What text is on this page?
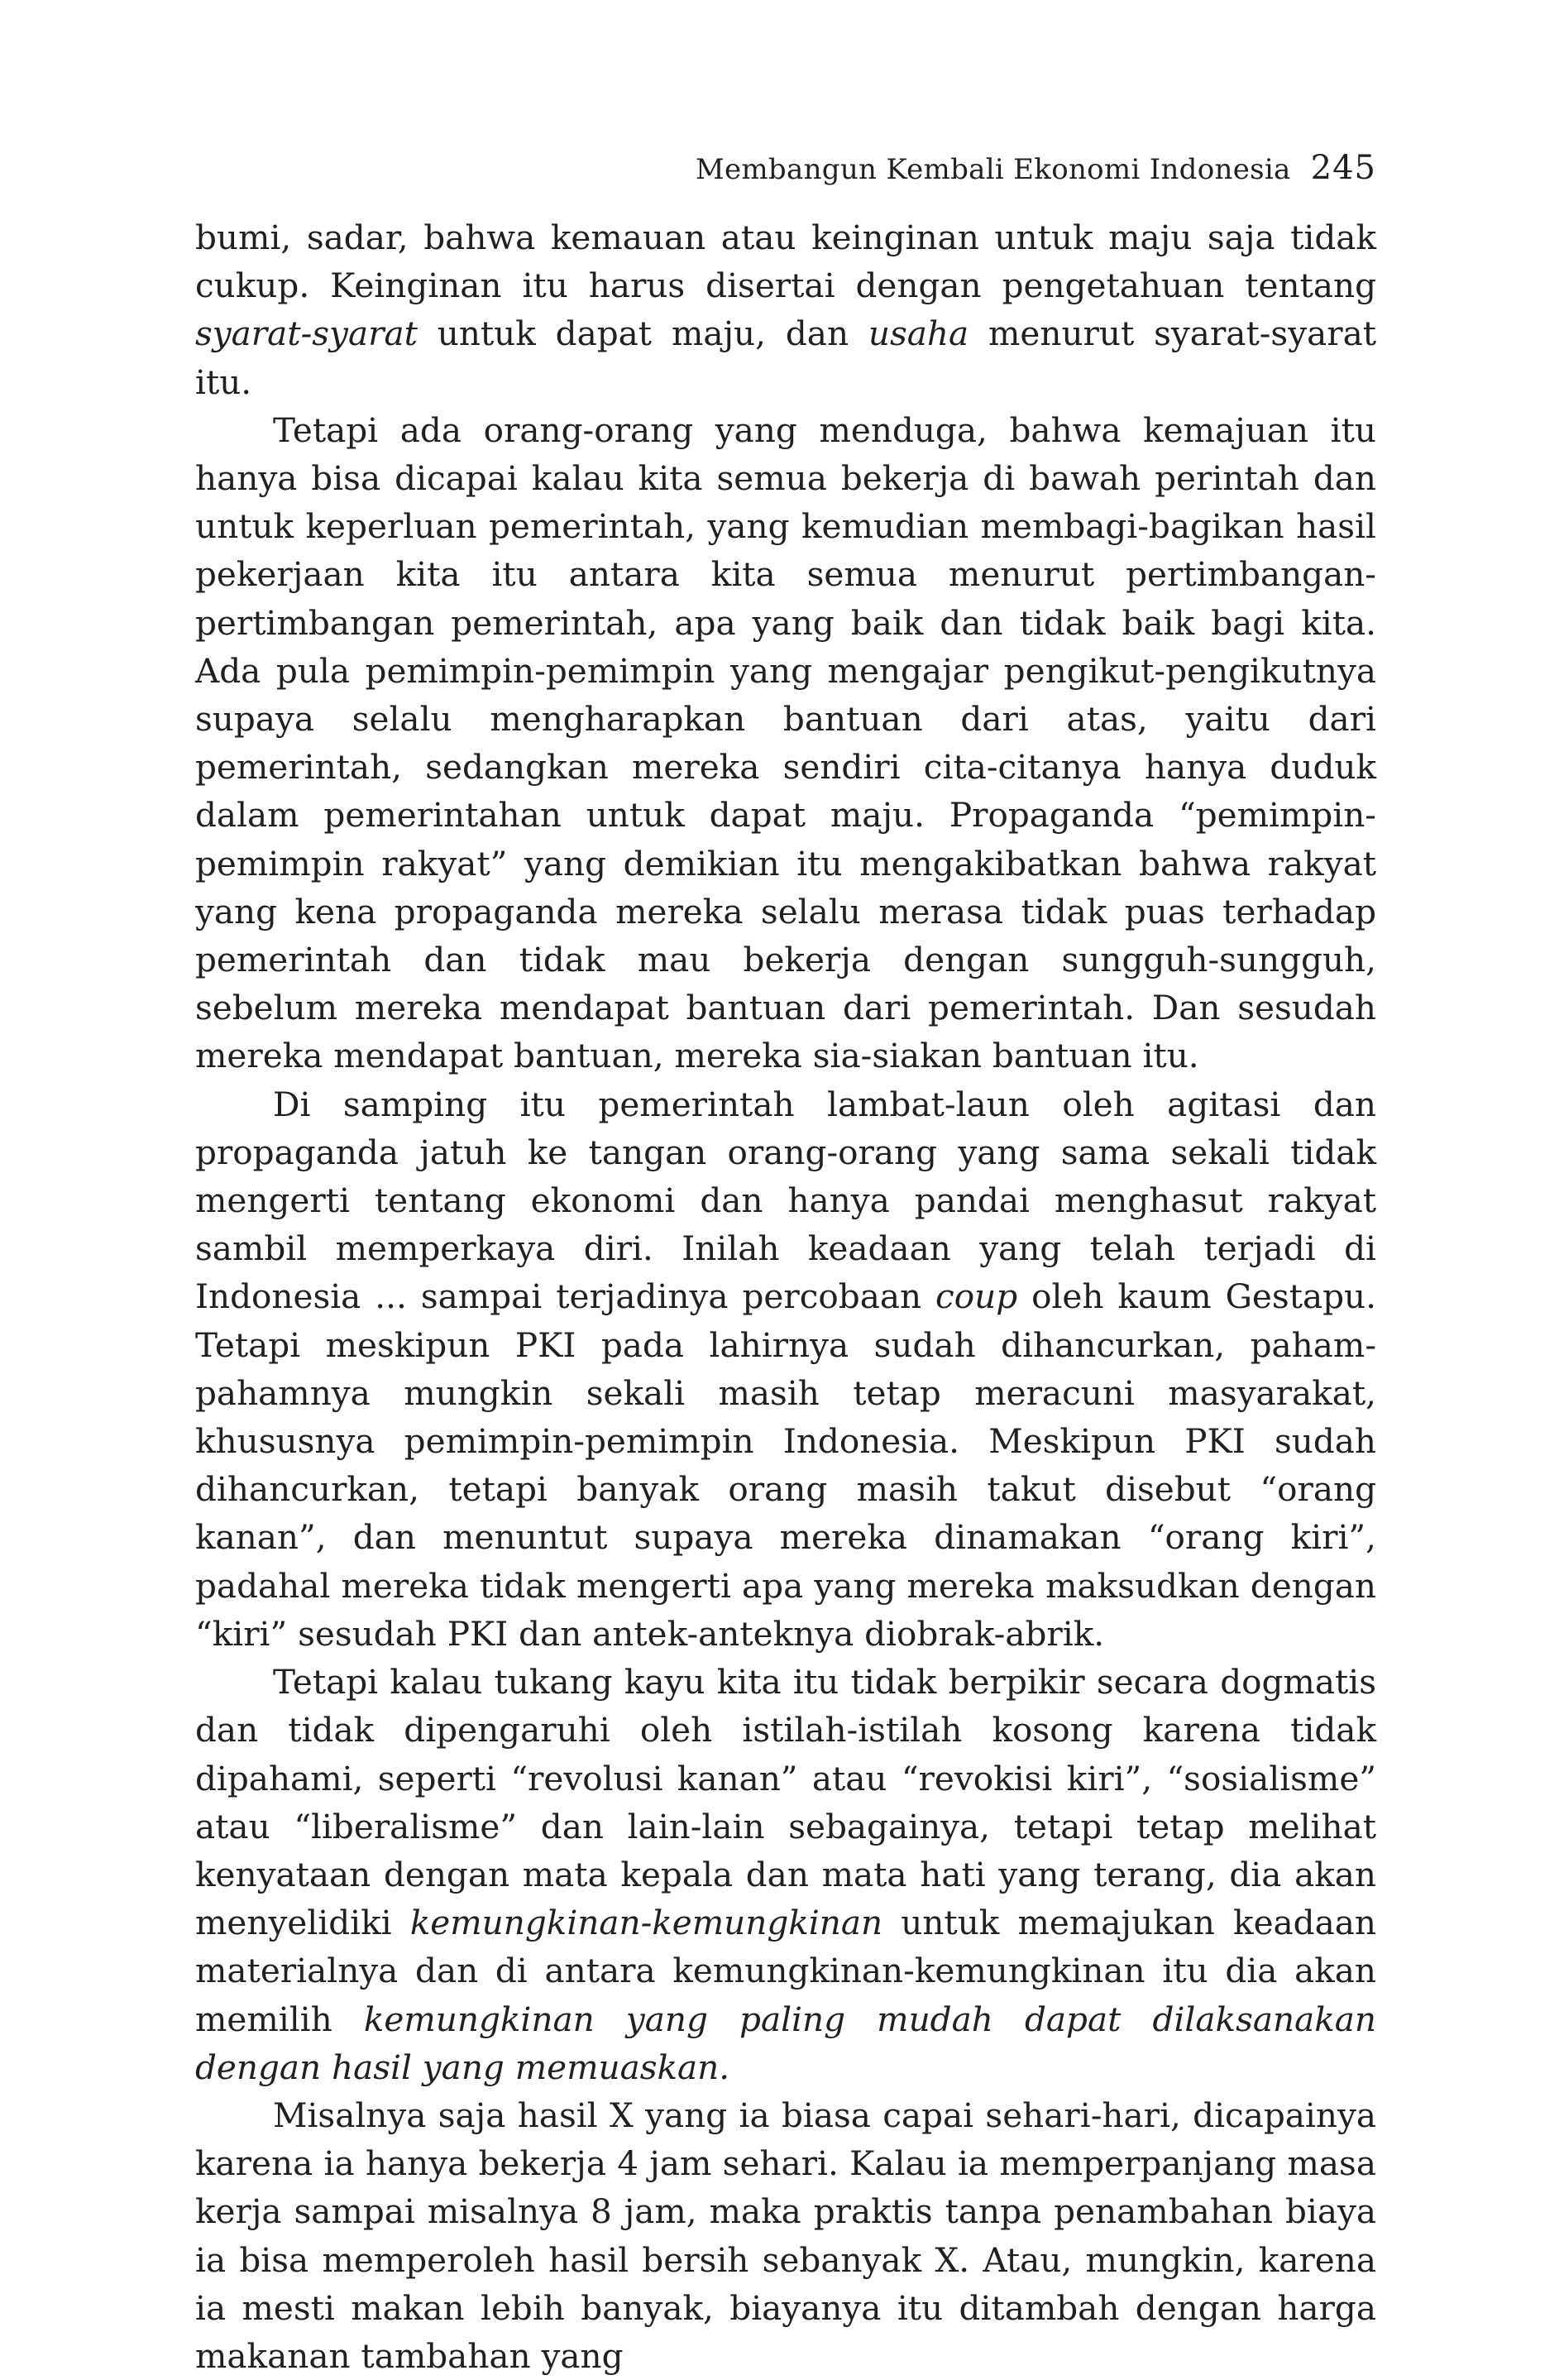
Membangun Kembali Ekonomi Indonesia 245

bumi, sadar, bahwa kemauan atau keinginan untuk maju saja tidak cukup. Keinginan itu harus disertai dengan pengetahuan tentang syarat-syarat untuk dapat maju, dan usaha menurut syarat-syarat itu.

Tetapi ada orang-orang yang menduga, bahwa kemajuan itu hanya bisa dicapai kalau kita semua bekerja di bawah perintah dan untuk keperluan pemerintah, yang kemudian membagi-bagikan hasil pekerjaan kita itu antara kita semua menurut pertimbangan-pertimbangan pemerintah, apa yang baik dan tidak baik bagi kita. Ada pula pemimpin-pemimpin yang mengajar pengikut-pengikutnya supaya selalu mengharapkan bantuan dari atas, yaitu dari pemerintah, sedangkan mereka sendiri cita-citanya hanya duduk dalam pemerintahan untuk dapat maju. Propaganda “pemimpin-pemimpin rakyat” yang demikian itu mengakibatkan bahwa rakyat yang kena propaganda mereka selalu merasa tidak puas terhadap pemerintah dan tidak mau bekerja dengan sungguh-sungguh, sebelum mereka mendapat bantuan dari pemerintah. Dan sesudah mereka mendapat bantuan, mereka sia-siakan bantuan itu.

Di samping itu pemerintah lambat-laun oleh agitasi dan propaganda jatuh ke tangan orang-orang yang sama sekali tidak mengerti tentang ekonomi dan hanya pandai menghasut rakyat sambil memperkaya diri. Inilah keadaan yang telah terjadi di Indonesia ... sampai terjadinya percobaan coup oleh kaum Gestapu. Tetapi meskipun PKI pada lahirnya sudah dihancurkan, paham-pahamnya mungkin sekali masih tetap meracuni masyarakat, khususnya pemimpin-pemimpin Indonesia. Meskipun PKI sudah dihancurkan, tetapi banyak orang masih takut disebut “orang kanan”, dan menuntut supaya mereka dinamakan “orang kiri”, padahal mereka tidak mengerti apa yang mereka maksudkan dengan “kiri” sesudah PKI dan antek-anteknya diobrak-abrik.

Tetapi kalau tukang kayu kita itu tidak berpikir secara dogmatis dan tidak dipengaruhi oleh istilah-istilah kosong karena tidak dipahami, seperti “revolusi kanan” atau “revokisi kiri”, “sosialisme” atau “liberalisme” dan lain-lain sebagainya, tetapi tetap melihat kenyataan dengan mata kepala dan mata hati yang terang, dia akan menyelidiki kemungkinan-kemungkinan untuk memajukan keadaan materialnya dan di antara kemungkinan-kemungkinan itu dia akan memilih kemungkinan yang paling mudah dapat dilaksanakan dengan hasil yang memuaskan.

Misalnya saja hasil X yang ia biasa capai sehari-hari, dicapainya karena ia hanya bekerja 4 jam sehari. Kalau ia memperpanjang masa kerja sampai misalnya 8 jam, maka praktis tanpa penambahan biaya ia bisa memperoleh hasil bersih sebanyak X. Atau, mungkin, karena ia mesti makan lebih banyak, biayanya itu ditambah dengan harga makanan tambahan yang
